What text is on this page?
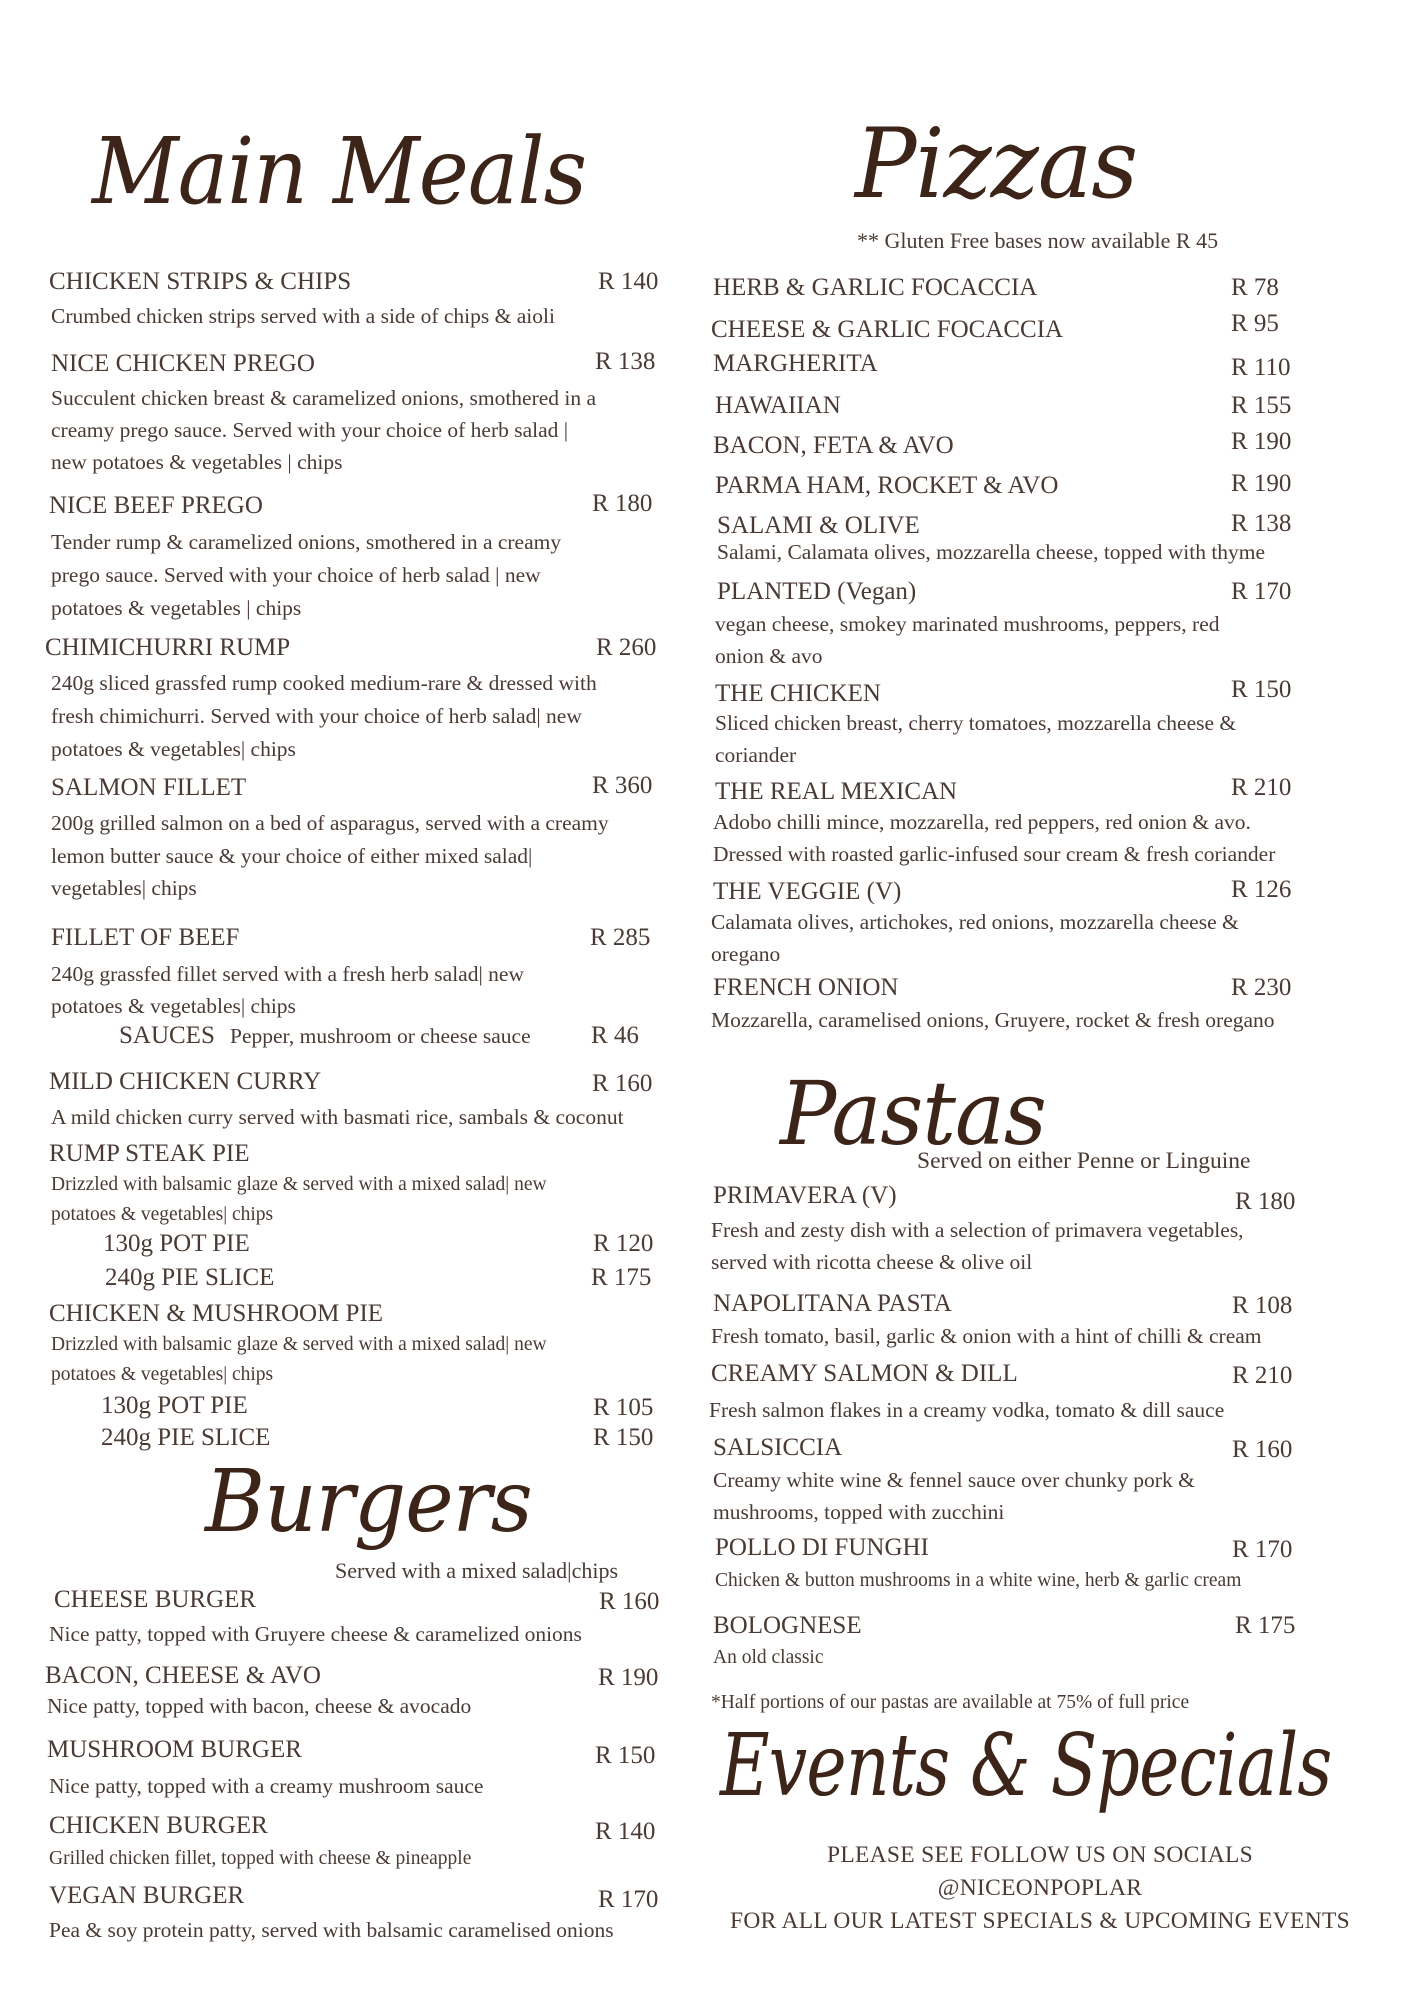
Main Meals	Pizzas
Pastas
Burgers
Events & Specials
CHICKEN STRIPS & CHIPS	R 140
Crumbed chicken strips served with a side of chips & aioli
NICE CHICKEN PREGO	R 138
Succulent chicken breast & caramelized onions, smothered in a
creamy prego sauce. Served with your choice of herb salad |
new potatoes & vegetables | chips
NICE BEEF PREGO	R 180
Tender rump & caramelized onions, smothered in a creamy
prego sauce. Served with your choice of herb salad | new
potatoes & vegetables | chips
CHIMICHURRI RUMP	R 260
240g sliced grassfed rump cooked medium-rare & dressed with
fresh chimichurri. Served with your choice of herb salad| new
potatoes & vegetables| chips
SALMON FILLET	R 360
200g grilled salmon on a bed of asparagus, served with a creamy
lemon butter sauce & your choice of either mixed salad|
vegetables| chips
FILLET OF BEEF	R 285
240g grassfed fillet served with a fresh herb salad| new
potatoes & vegetables| chips
SAUCES Pepper, mushroom or cheese sauce R 46
MILD CHICKEN CURRY	R 160
A mild chicken curry served with basmati rice, sambals & coconut
RUMP STEAK PIE
Drizzled with balsamic glaze & served with a mixed salad| new
potatoes & vegetables| chips
130g POT PIE	R 120
240g PIE SLICE	R 175
CHICKEN & MUSHROOM PIE
Drizzled with balsamic glaze & served with a mixed salad| new
potatoes & vegetables| chips
130g POT PIE	R 105
240g PIE SLICE	R 150
Served with a mixed salad|chips
CHEESE BURGER	R 160
Nice patty, topped with Gruyere cheese & caramelized onions
BACON, CHEESE & AVO	R 190
Nice patty, topped with bacon, cheese & avocado
MUSHROOM BURGER	R 150
Nice patty, topped with a creamy mushroom sauce
CHICKEN BURGER	R 140
Grilled chicken fillet, topped with cheese & pineapple
VEGAN BURGER	R 170
Pea & soy protein patty, served with balsamic caramelised onions
** Gluten Free bases now available R 45
HERB & GARLIC FOCACCIA	R 78
CHEESE & GARLIC FOCACCIA	R 95
MARGHERITA	R 110
HAWAIIAN	R 155
BACON, FETA & AVO	R 190
PARMA HAM, ROCKET & AVO	R 190
SALAMI & OLIVE	R 138
Salami, Calamata olives, mozzarella cheese, topped with thyme
PLANTED (Vegan)	R 170
vegan cheese, smokey marinated mushrooms, peppers, red
onion & avo
THE CHICKEN	R 150
Sliced chicken breast, cherry tomatoes, mozzarella cheese &
coriander
THE REAL MEXICAN	R 210
Adobo chilli mince, mozzarella, red peppers, red onion & avo.
Dressed with roasted garlic-infused sour cream & fresh coriander
THE VEGGIE (V)	R 126
Calamata olives, artichokes, red onions, mozzarella cheese &
oregano
FRENCH ONION	R 230
Mozzarella, caramelised onions, Gruyere, rocket & fresh oregano
Served on either Penne or Linguine
PRIMAVERA (V)	R 180
Fresh and zesty dish with a selection of primavera vegetables,
served with ricotta cheese & olive oil
NAPOLITANA PASTA	R 108
Fresh tomato, basil, garlic & onion with a hint of chilli & cream
CREAMY SALMON & DILL	R 210
Fresh salmon flakes in a creamy vodka, tomato & dill sauce
SALSICCIA	R 160
Creamy white wine & fennel sauce over chunky pork &
mushrooms, topped with zucchini
POLLO DI FUNGHI	R 170
Chicken & button mushrooms in a white wine, herb & garlic cream
BOLOGNESE	R 175
An old classic
*Half portions of our pastas are available at 75% of full price
PLEASE SEE FOLLOW US ON SOCIALS
@NICEONPOPLAR
FOR ALL OUR LATEST SPECIALS & UPCOMING EVENTS
